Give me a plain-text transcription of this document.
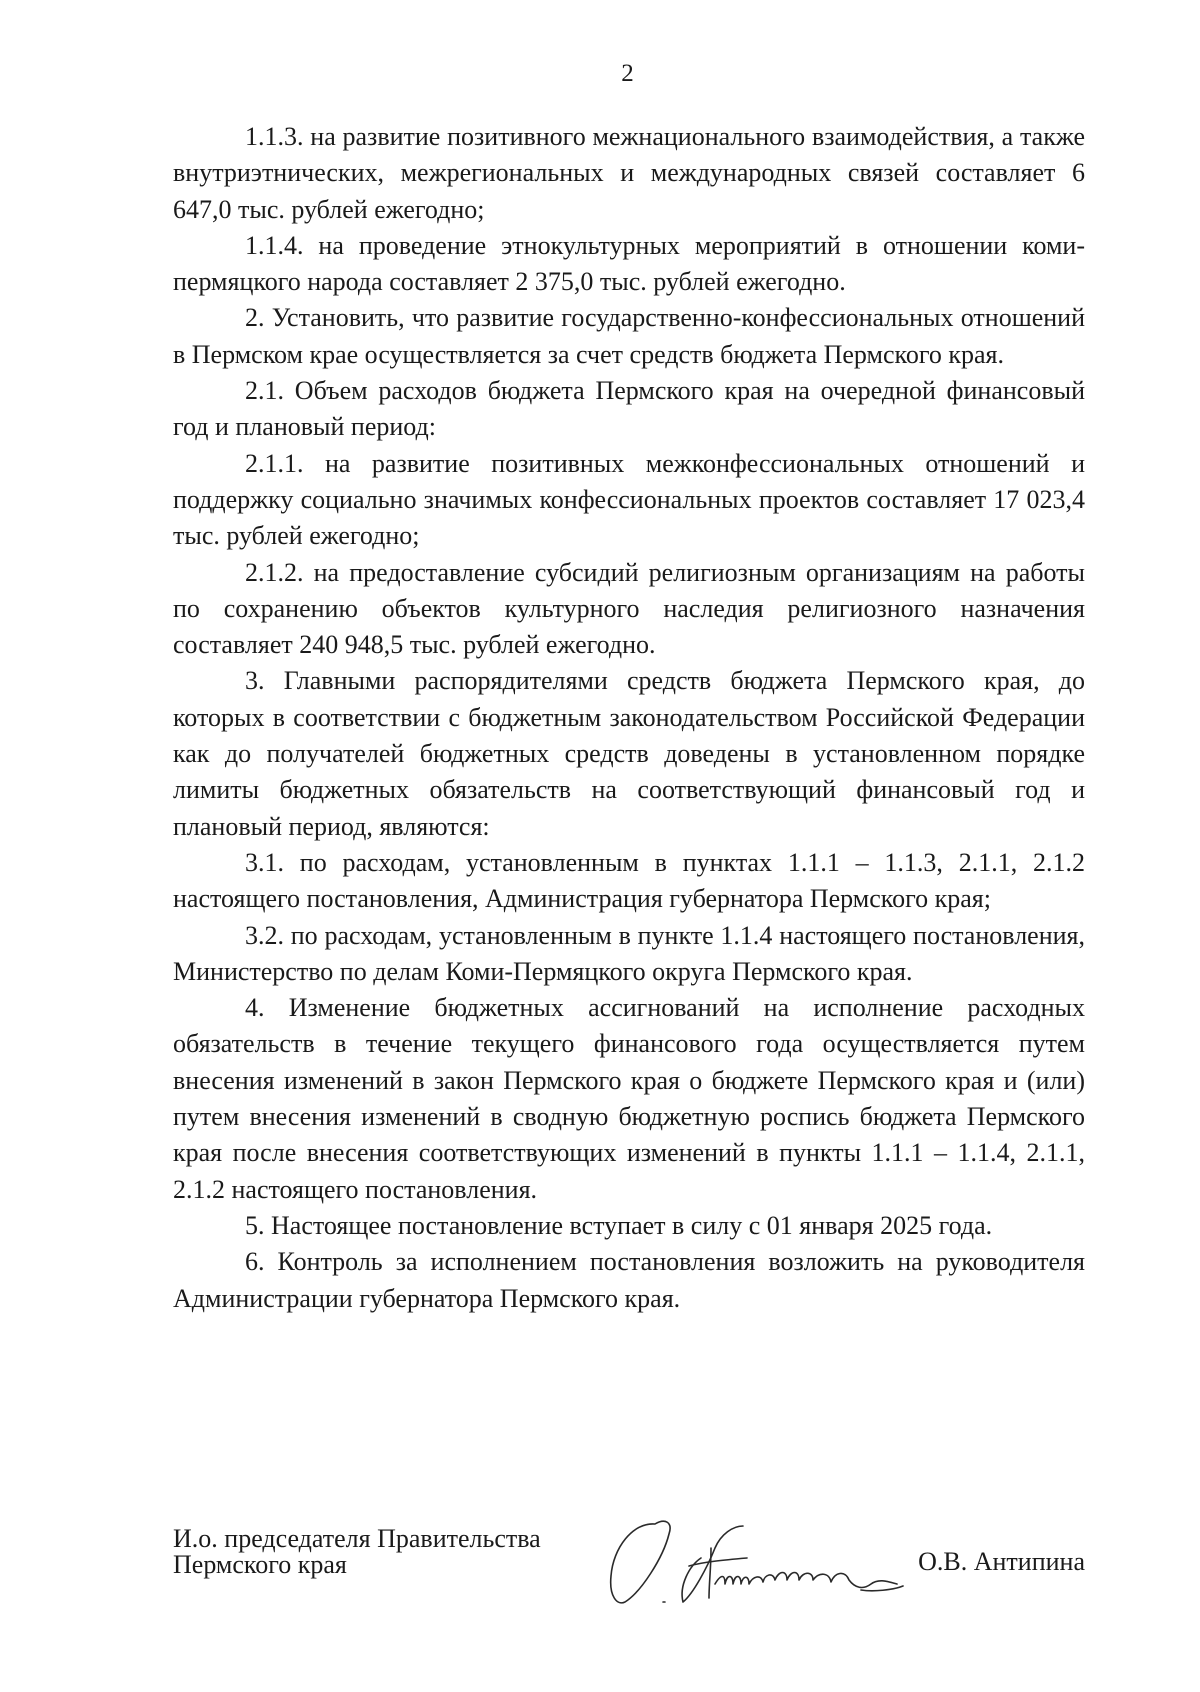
2

1.1.3. на развитие позитивного межнационального взаимодействия, а также внутриэтнических, межрегиональных и международных связей составляет 6 647,0 тыс. рублей ежегодно;

1.1.4. на проведение этнокультурных мероприятий в отношении коми-пермяцкого народа составляет 2 375,0 тыс. рублей ежегодно.

2. Установить, что развитие государственно-конфессиональных отношений в Пермском крае осуществляется за счет средств бюджета Пермского края.

2.1. Объем расходов бюджета Пермского края на очередной финансовый год и плановый период:

2.1.1. на развитие позитивных межконфессиональных отношений и поддержку социально значимых конфессиональных проектов составляет 17 023,4 тыс. рублей ежегодно;

2.1.2. на предоставление субсидий религиозным организациям на работы по сохранению объектов культурного наследия религиозного назначения составляет 240 948,5 тыс. рублей ежегодно.

3. Главными распорядителями средств бюджета Пермского края, до которых в соответствии с бюджетным законодательством Российской Федерации как до получателей бюджетных средств доведены в установленном порядке лимиты бюджетных обязательств на соответствующий финансовый год и плановый период, являются:

3.1. по расходам, установленным в пунктах 1.1.1 – 1.1.3, 2.1.1, 2.1.2 настоящего постановления, Администрация губернатора Пермского края;

3.2. по расходам, установленным в пункте 1.1.4 настоящего постановления, Министерство по делам Коми-Пермяцкого округа Пермского края.

4. Изменение бюджетных ассигнований на исполнение расходных обязательств в течение текущего финансового года осуществляется путем внесения изменений в закон Пермского края о бюджете Пермского края и (или) путем внесения изменений в сводную бюджетную роспись бюджета Пермского края после внесения соответствующих изменений в пункты 1.1.1 – 1.1.4, 2.1.1, 2.1.2 настоящего постановления.

5. Настоящее постановление вступает в силу с 01 января 2025 года.

6. Контроль за исполнением постановления возложить на руководителя Администрации губернатора Пермского края.

И.о. председателя Правительства
Пермского края	О.В. Антипина
